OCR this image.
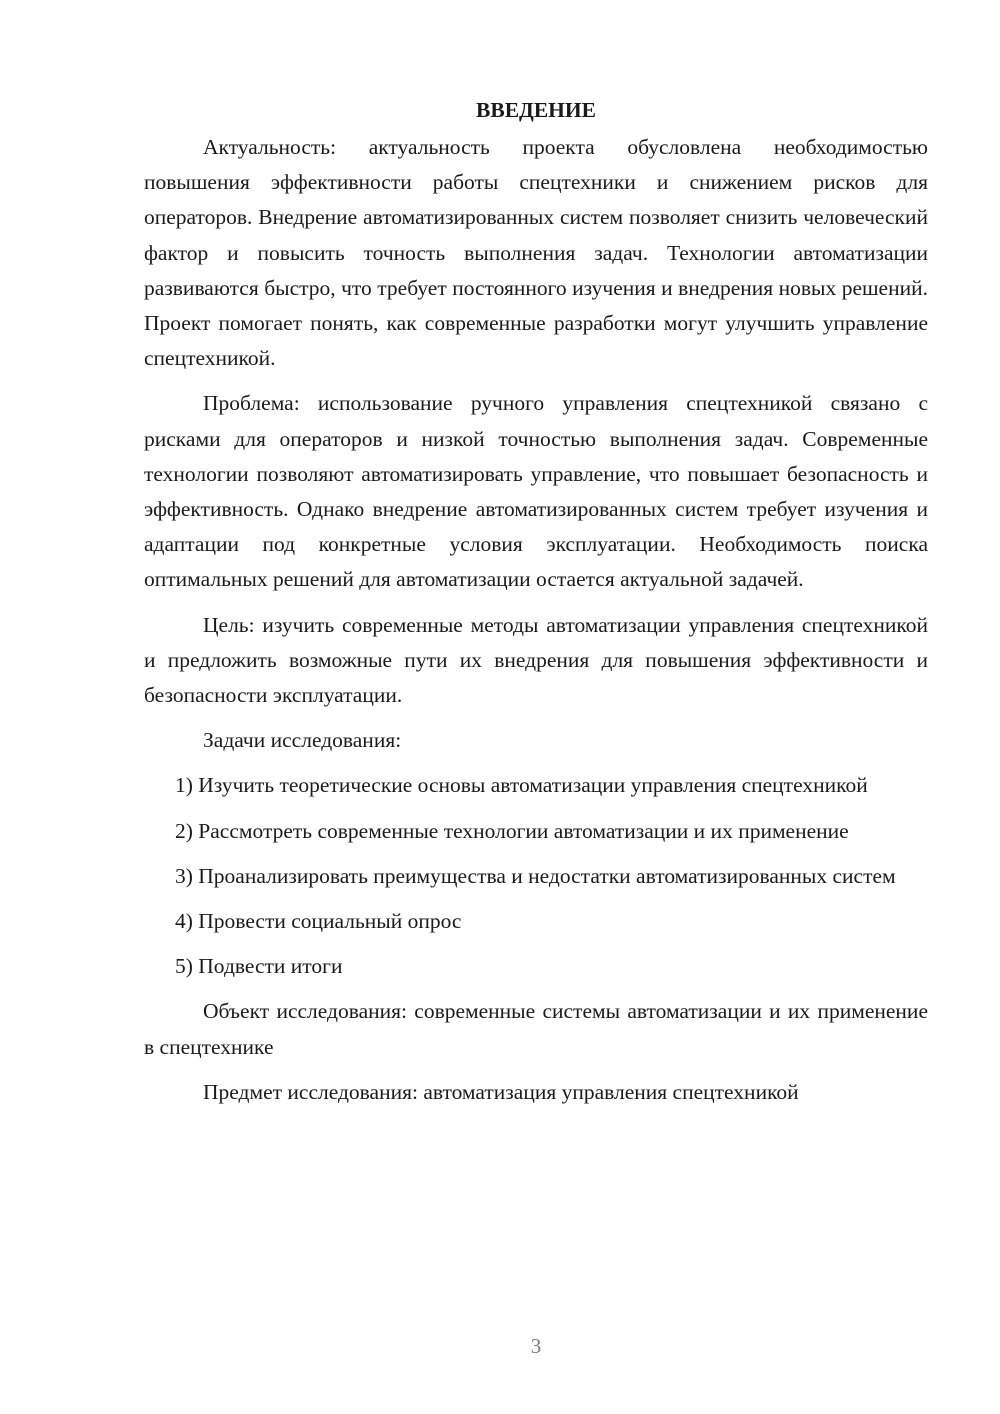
ВВЕДЕНИЕ

Актуальность: актуальность проекта обусловлена необходимостью повышения эффективности работы спецтехники и снижением рисков для операторов. Внедрение автоматизированных систем позволяет снизить человеческий фактор и повысить точность выполнения задач. Технологии автоматизации развиваются быстро, что требует постоянного изучения и внедрения новых решений. Проект помогает понять, как современные разработки могут улучшить управление спецтехникой.

Проблема: использование ручного управления спецтехникой связано с рисками для операторов и низкой точностью выполнения задач. Современные технологии позволяют автоматизировать управление, что повышает безопасность и эффективность. Однако внедрение автоматизированных систем требует изучения и адаптации под конкретные условия эксплуатации. Необходимость поиска оптимальных решений для автоматизации остается актуальной задачей.

Цель: изучить современные методы автоматизации управления спецтехникой и предложить возможные пути их внедрения для повышения эффективности и безопасности эксплуатации.

Задачи исследования:

1) Изучить теоретические основы автоматизации управления спецтехникой

2) Рассмотреть современные технологии автоматизации и их применение

3) Проанализировать преимущества и недостатки автоматизированных систем

4) Провести социальный опрос

5) Подвести итоги

Объект исследования: современные системы автоматизации и их применение в спецтехнике

Предмет исследования: автоматизация управления спецтехникой

3
